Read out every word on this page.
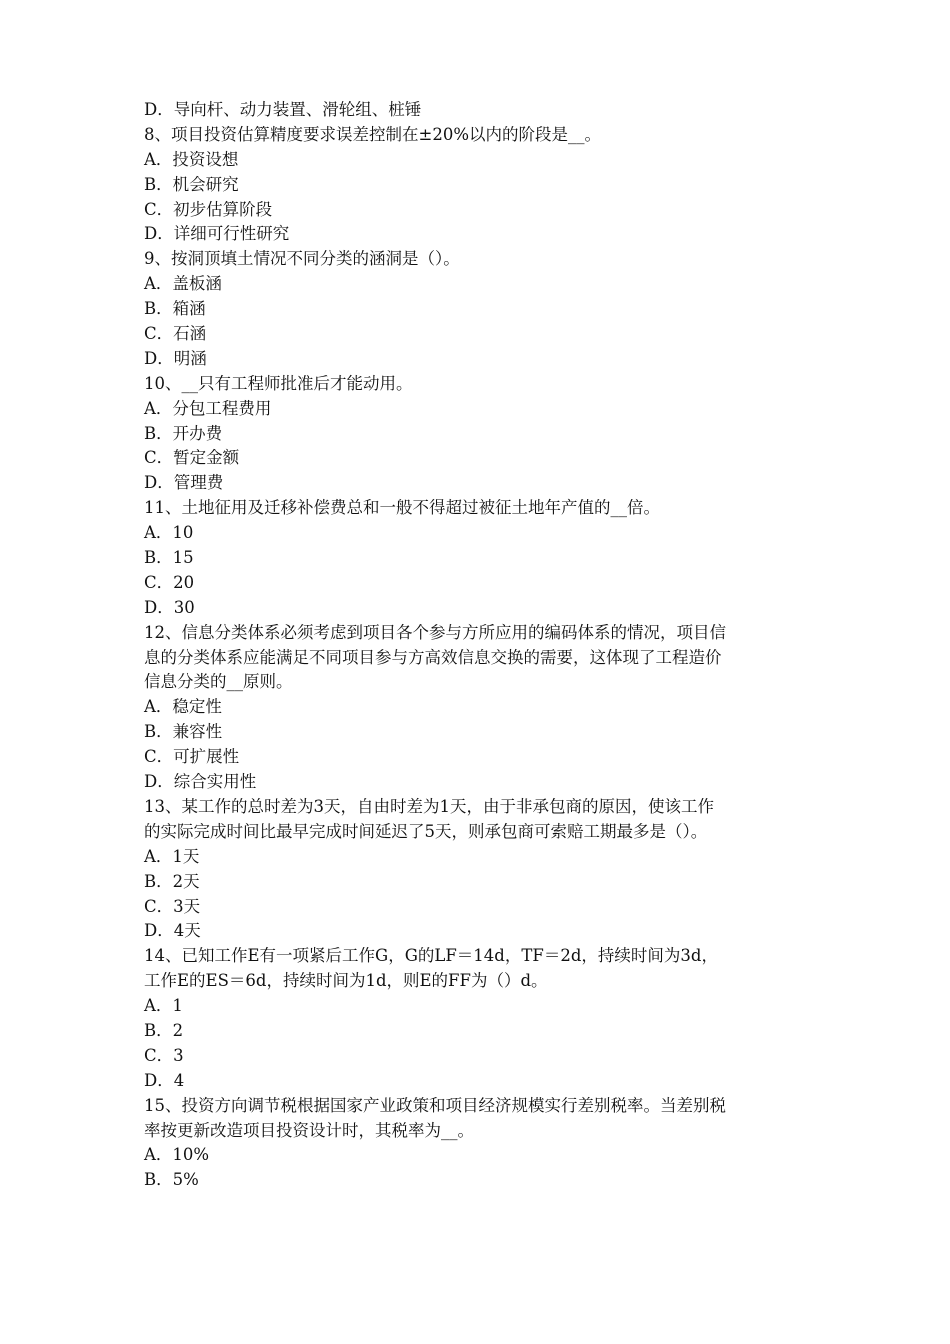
D．导向杆、动力装置、滑轮组、桩锤
8、项目投资估算精度要求误差控制在±20%以内的阶段是__。
A．投资设想
B．机会研究
C．初步估算阶段
D．详细可行性研究
9、按洞顶填土情况不同分类的涵洞是（）。
A．盖板涵
B．箱涵
C．石涵
D．明涵
10、__只有工程师批准后才能动用。
A．分包工程费用
B．开办费
C．暂定金额
D．管理费
11、土地征用及迁移补偿费总和一般不得超过被征土地年产值的__倍。
A．10
B．15
C．20
D．30
12、信息分类体系必须考虑到项目各个参与方所应用的编码体系的情况，项目信
息的分类体系应能满足不同项目参与方高效信息交换的需要，这体现了工程造价
信息分类的__原则。
A．稳定性
B．兼容性
C．可扩展性
D．综合实用性
13、某工作的总时差为3天，自由时差为1天，由于非承包商的原因，使该工作
的实际完成时间比最早完成时间延迟了5天，则承包商可索赔工期最多是（）。
A．1天
B．2天
C．3天
D．4天
14、已知工作E有一项紧后工作G，G的LF＝14d，TF＝2d，持续时间为3d，
工作E的ES＝6d，持续时间为1d，则E的FF为（）d。
A．1
B．2
C．3
D．4
15、投资方向调节税根据国家产业政策和项目经济规模实行差别税率。当差别税
率按更新改造项目投资设计时，其税率为__。
A．10%
B．5%
